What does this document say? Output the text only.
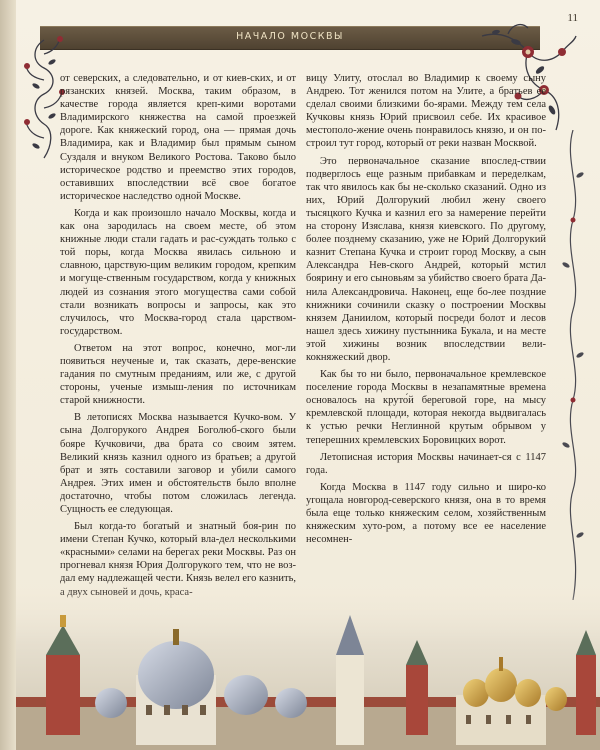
НАЧАЛО МОСКВЫ
11

от северских, а следовательно, и от киев-ских, и от рязанских князей. Москва, таким образом, в качестве города является креп-кими воротами Владимирского княжества на самой проезжей дороге. Как княжеский город, она — прямая дочь Владимира, как и Владимир был прямым сыном Суздаля и внуком Великого Ростова. Таково было историческое родство и преемство этих городов, оставивших впоследствии всё свое богатое историческое наследство одной Москве.

Когда и как произошло начало Москвы, когда и как она зародилась на своем месте, об этом книжные люди стали гадать и рас-суждать только с той поры, когда Москва явилась сильною и славною, царствую-щим великим городом, крепким и могуще-ственным государством, когда у книжных людей из сознания этого могущества сами собой стали возникать вопросы и запросы, как это случилось, что Москва-город стала царством-государством.

Ответом на этот вопрос, конечно, мог-ли появиться неученые и, так сказать, дере-венские гадания по смутным преданиям, или же, с другой стороны, ученые измыш-ления по источникам старой книжности.

В летописях Москва называется Кучко-вом. У сына Долгорукого Андрея Боголюб-ского были бояре Кучковичи, два брата со своим зятем. Великий князь казнил одного из братьев; а другой брат и зять составили заговор и убили самого Андрея. Этих имен и обстоятельств было вполне достаточно, чтобы потом сложилась легенда. Сущность ее следующая.

Был когда-то богатый и знатный боя-рин по имени Степан Кучко, который вла-дел несколькими «красными» селами на берегах реки Москвы. Раз он прогневал князя Юрия Долгорукого тем, что не воз-дал ему надлежащей чести. Князь велел его казнить,

вицу Улиту, отослал во Владимир к своему сыну Андрею. Тот женился потом на Улите, а братьев ее сделал своими близкими бо-ярами. Между тем села Кучковы князь Юрий присвоил себе. Их красивое местополо-жение очень понравилось князю, и он по-строил тут город, который от реки назван Москвой.

Это первоначальное сказание впослед-ствии подверглось еще разным прибавкам и переделкам, так что явилось как бы не-сколько сказаний. Одно из них, Юрий Долгорукий любил жену своего тысяцкого Кучка и казнил его за намерение перейти на сторону Изяслава, князя киевского. По другому, более позднему сказанию, уже не Юрий Долгорукий казнит Степана Кучка и строит город Москву, а сын Александра Нев-ского Андрей, который мстил боярину и его сыновьям за убийство своего брата Да-нила Александровича. Наконец, еще бо-лее поздние книжники сочинили сказку о построении Москвы князем Даниилом, который посреди болот и лесов нашел здесь хижину пустынника Букала, и на месте этой хижины возник впоследствии вели-кокняжеский двор.

Как бы то ни было, первоначальное кремлевское поселение города Москвы в незапамятные времена основалось на круто́й береговой горе, на мысу кремлевской площади, которая некогда выдвигалась к устью речки Неглинной крутым обрывом у теперешних кремлевских Боровицких ворот.

Летописная история Москвы начинает-ся с 1147 года.

Когда Москва в 1147 году сильно и широ-ко угощала новгород-северского князя, она в то время была еще только княжеским селом, хозяйственным княжеским хуто-ром, а потому все ее население несомнен-
